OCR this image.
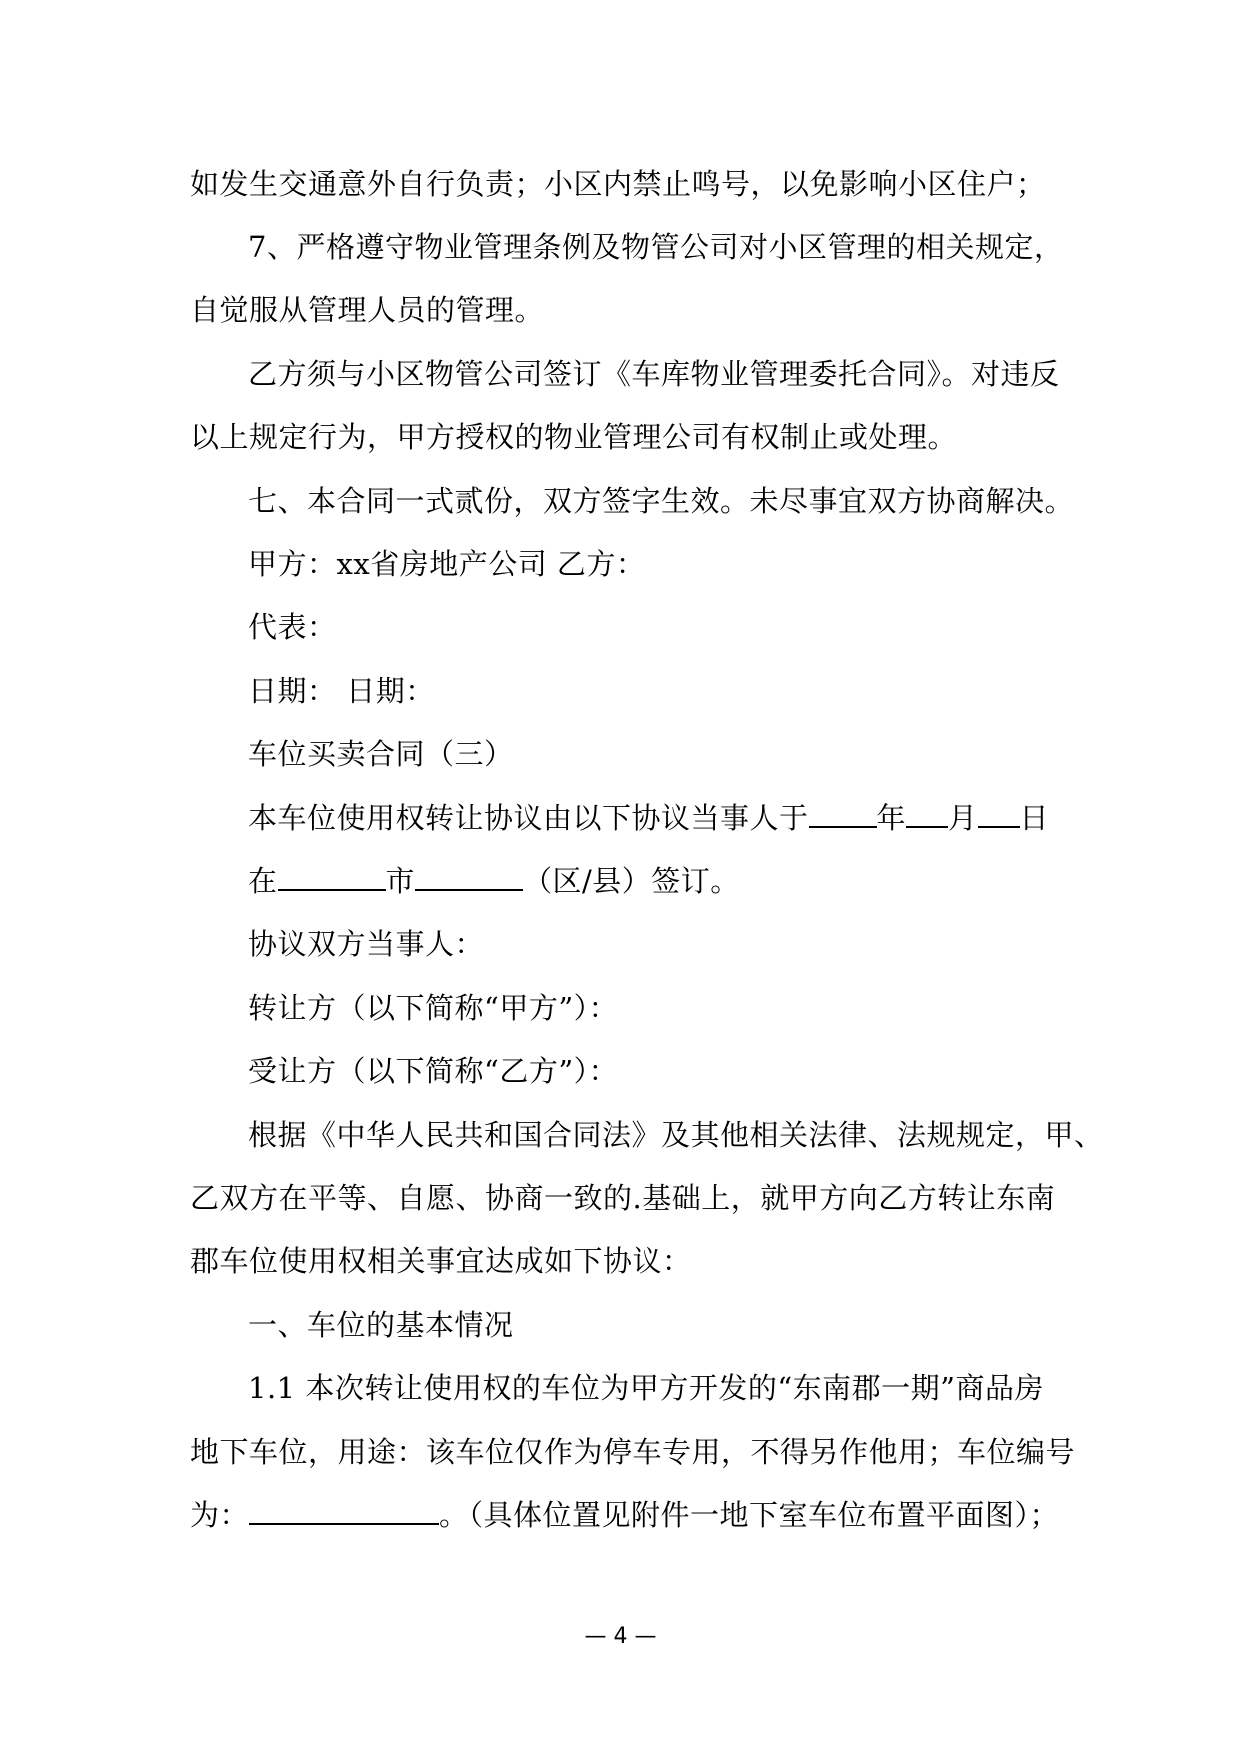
如发生交通意外自行负责；小区内禁止鸣号，以免影响小区住户；
7、严格遵守物业管理条例及物管公司对小区管理的相关规定，
自觉服从管理人员的管理。
乙方须与小区物管公司签订《车库物业管理委托合同》。对违反
以上规定行为，甲方授权的物业管理公司有权制止或处理。
七、本合同一式贰份，双方签字生效。未尽事宜双方协商解决。
甲方：xx省房地产公司 乙方：
代表：
日期： 日期：
车位买卖合同（三）
本车位使用权转让协议由以下协议当事人于 年 月 日
在	市	（区/县）签订。
协议双方当事人：
转让方（以下简称“甲方”）：
受让方（以下简称“乙方”）：
根据《中华人民共和国合同法》及其他相关法律、法规规定，甲、
乙双方在平等、自愿、协商一致的.基础上，就甲方向乙方转让东南
郡车位使用权相关事宜达成如下协议：
一、车位的基本情况
1.1 本次转让使用权的车位为甲方开发的“东南郡一期”商品房
地下车位，用途：该车位仅作为停车专用，不得另作他用；车位编号
为：	。（具体位置见附件一地下室车位布置平面图）；
— 4 —
